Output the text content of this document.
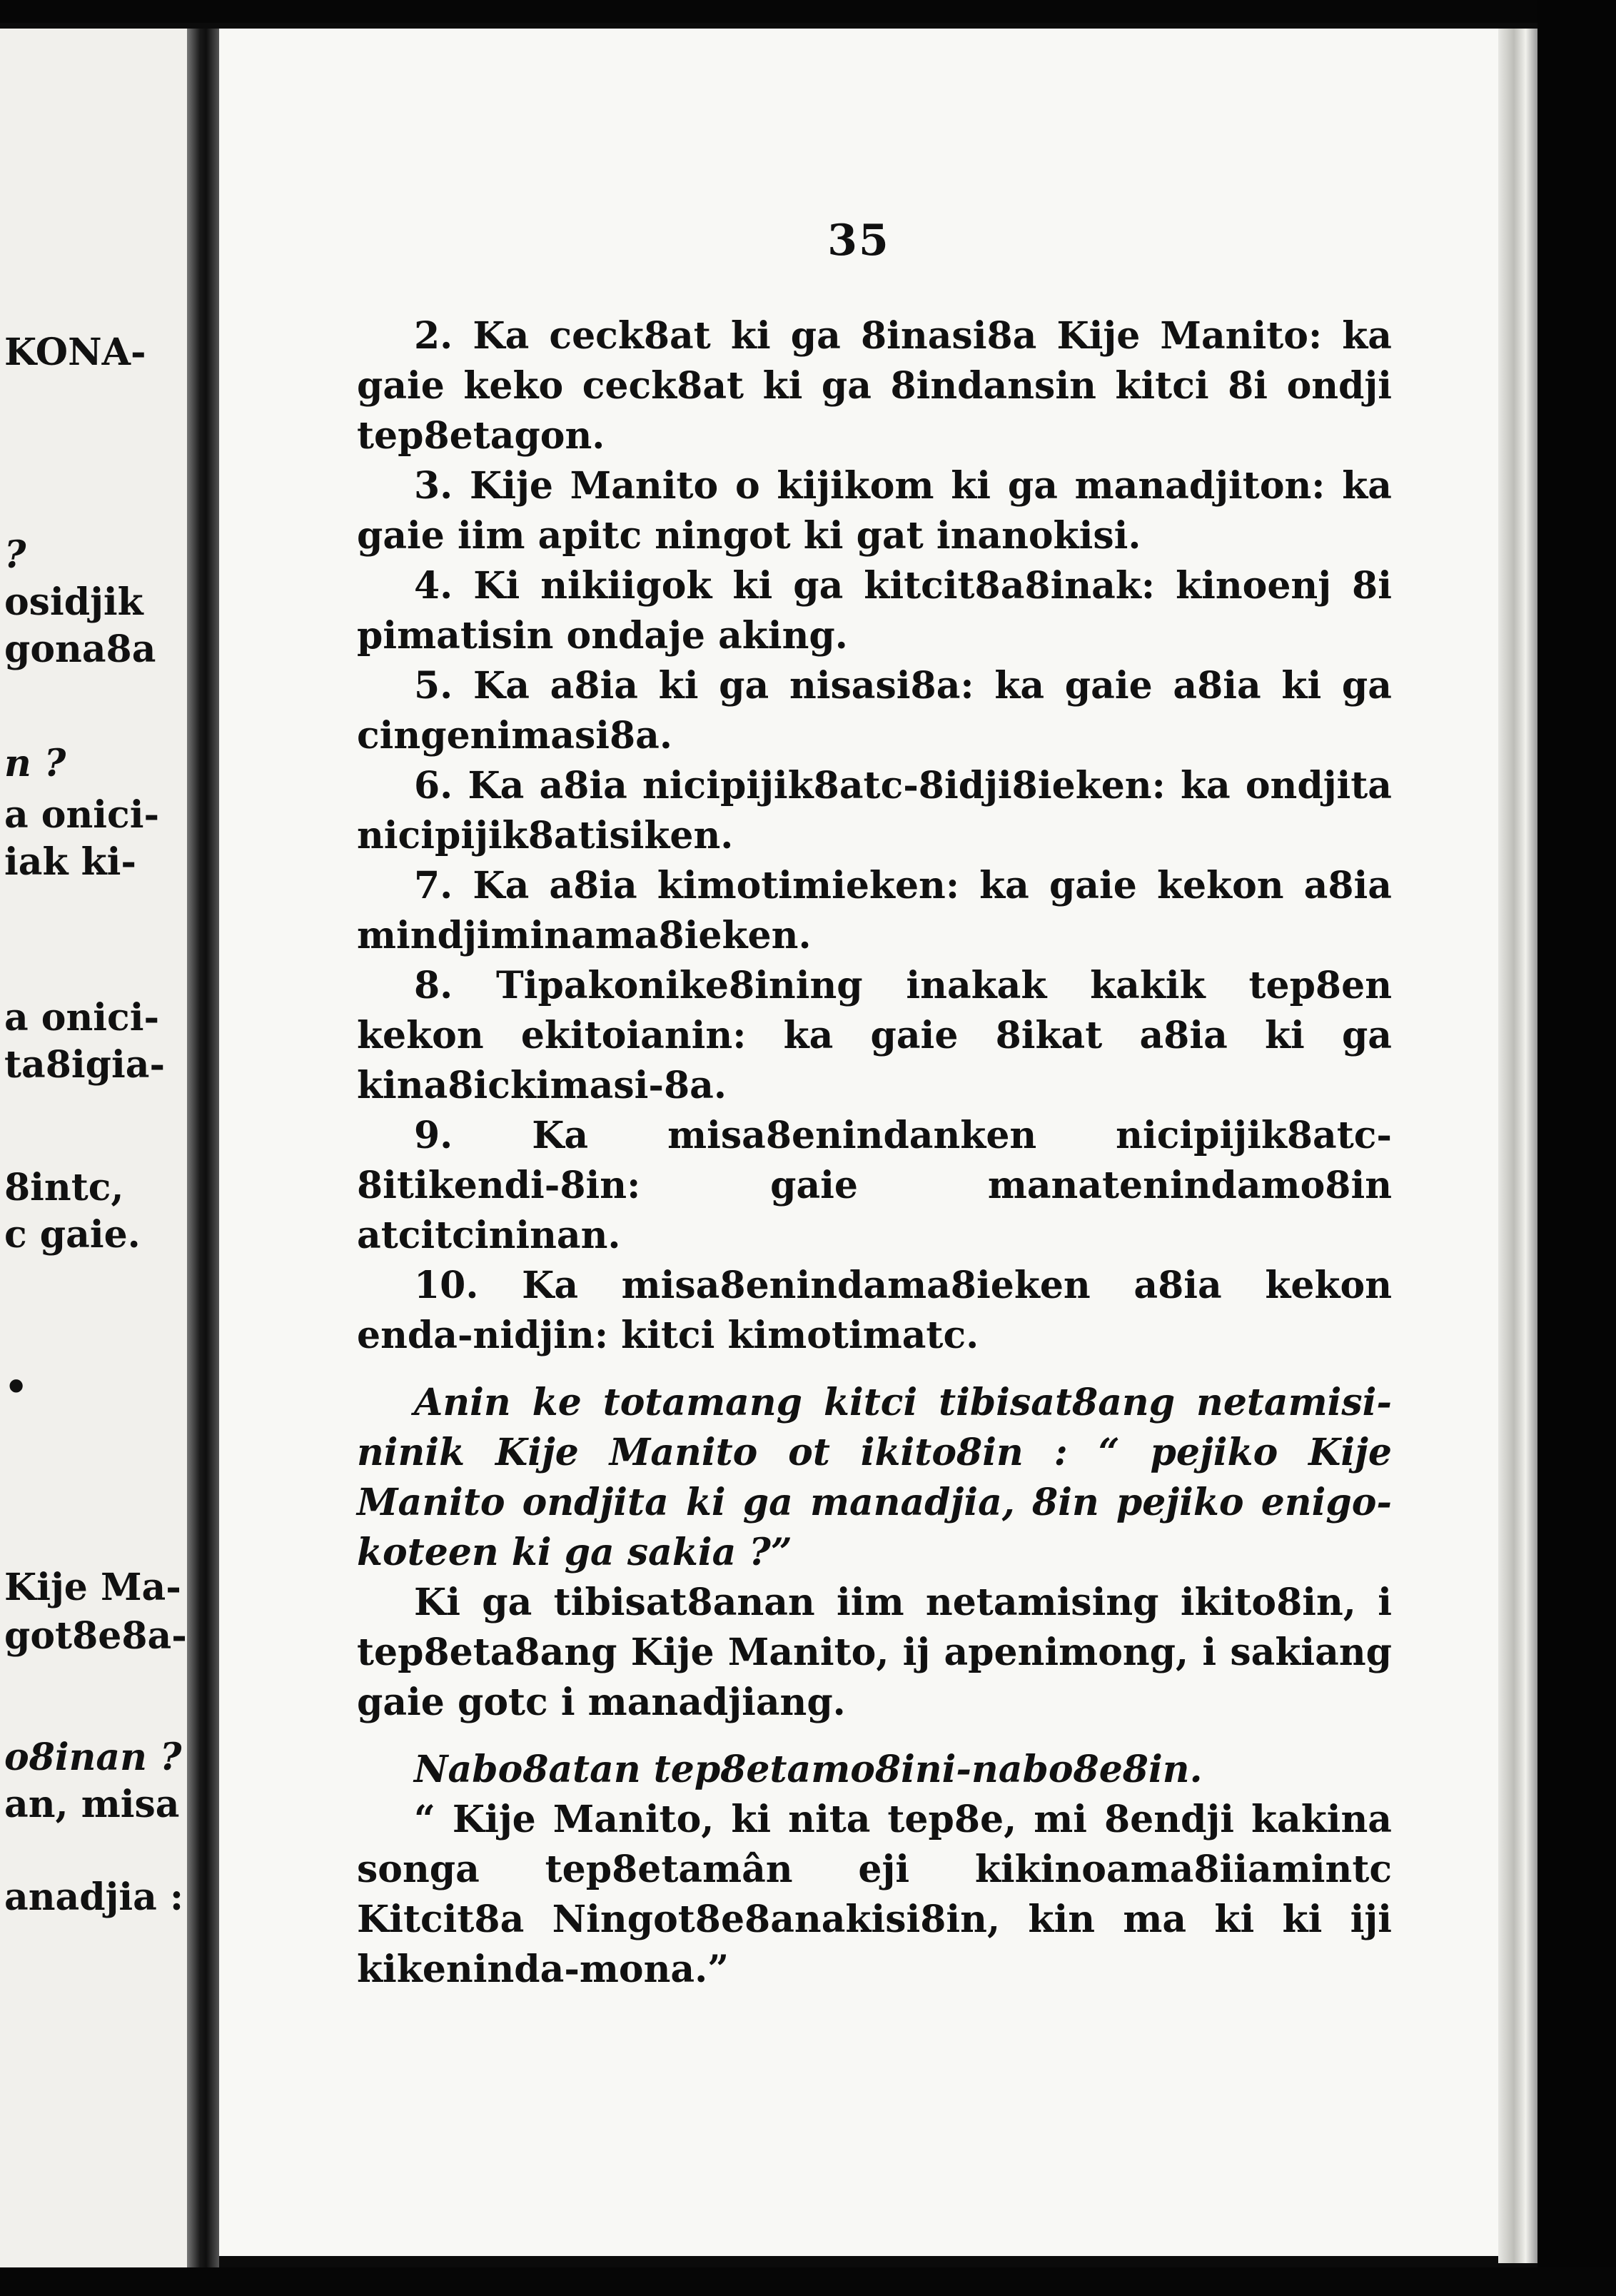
KONA-
?
osidjik
gona8a
n ?
a onici-
iak ki-
a onici-
ta8igia-
8intc,
c gaie.
•
Kije Ma-
got8e8a-
o8inan ?
an, misa
anadjia :
35

2. Ka ceck8at ki ga 8inasi8a Kije Manito: ka gaie keko ceck8at ki ga 8indansin kitci 8i ondji tep8etagon.

3. Kije Manito o kijikom ki ga manadjiton: ka gaie iim apitc ningot ki gat inanokisi.

4. Ki nikiigok ki ga kitcit8a8inak: kinoenj 8i pimatisin ondaje aking.

5. Ka a8ia ki ga nisasi8a: ka gaie a8ia ki ga cingenimasi8a.

6. Ka a8ia nicipijik8atc-8idji8ieken: ka ondjita nicipijik8atisiken.

7. Ka a8ia kimotimieken: ka gaie kekon a8ia mindjiminama8ieken.

8. Tipakonike8ining inakak kakik tep8en kekon ekitoianin: ka gaie 8ikat a8ia ki ga kina8ickimasi-8a.

9. Ka misa8enindanken nicipijik8atc-8itikendi-8in: gaie manatenindamo8in atcitcininan.

10. Ka misa8enindama8ieken a8ia kekon enda-nidjin: kitci kimotimatc.

Anin ke totamang kitci tibisat8ang netamisi-ninik Kije Manito ot ikito8in : “ pejiko Kije Manito ondjita ki ga manadjia, 8in pejiko enigo-koteen ki ga sakia ?”

Ki ga tibisat8anan iim netamising ikito8in, i tep8eta8ang Kije Manito, ij apenimong, i sakiang gaie gotc i manadjiang.

Nabo8atan tep8etamo8ini-nabo8e8in.

“ Kije Manito, ki nita tep8e, mi 8endji kakina songa tep8etamân eji kikinoama8iiamintc Kitcit8a Ningot8e8anakisi8in, kin ma ki ki iji kikeninda-mona.”
